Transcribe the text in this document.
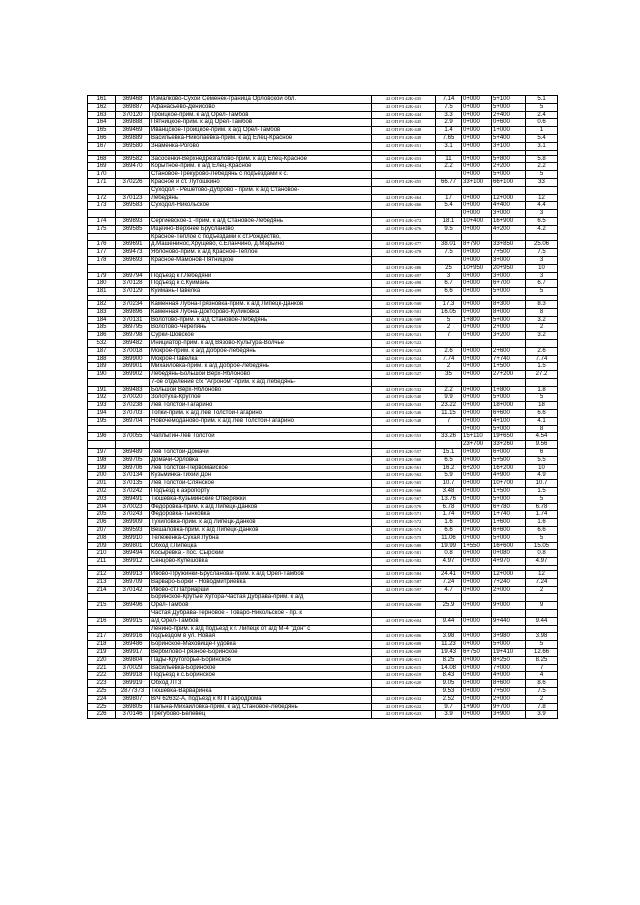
161	369468	Измалково-Сухой Семенек-граница Орловской обл.	42 ОП РЗ 42К-435	7.14	0+000	5+100	5.1
162	369887	Афанасьево-Денисово	42 ОП РЗ 42К-441	7.5	0+000	5+000	5
163	370120	Троицкое-прим. к а/д Орел-Тамбов	42 ОП РЗ 42К-444	3.3	0+000	2+400	2.4
164	369888	Пятницкое-прим. к а/д Орел-Тамбов	42 ОП РЗ 42К-445	2.9	0+000	0+600	0.6
165	369469	Иванцское-Троицкое-прим. к а/д Орел-Тамбов	42 ОП РЗ 42К-448	1.4	0+000	1+000	1
166	369889	Васильевка-Николаевка-прим. к а/д Елец-Красное	42 ОП РЗ 42К-449	7.65	0+000	5+400	5.4
167	369580	Знаменка-Рогово	42 ОП РЗ 42К-451	3.1	0+000	3+100	3.1

168	369582	Засосенки-Верхнедрезгалово-прим. к а/д Елец-Красное	42 ОП РЗ 42К-453	11	0+000	5+800	5.8
169	369470	Корытное-прим. к а/д Елец-Красное	42 ОП РЗ 42К-454	2.2	0+000	2+200	2.2
170		Становое-Трекурово-Лебедянь с подъездами к с.			0+000	5+000	5
171	370226	Красное и ст. Лутошкино	42 ОП РЗ 42К-455	66.77	33+100	66+100	33
		Суходол - Решетово-Дуброво - прим. к а/д Становое-					
172	370123	Лебедянь	42 ОП РЗ 42К-464	17	0+000	12+000	12
173	369583	Суходол-Никольское	42 ОП РЗ 42К-466	5.4	0+000	4+400	4.4
					0+000	3+000	3
174	369893	Сергиевское-1 -прим. к а/д Становое-Лебедянь	42 ОП РЗ 42К-472	18.1	10+400	16+900	6.5
175	369585	Ищеино-Верхнее Брусланово	42 ОП РЗ 42К-476	9.5	0+000	4+200	4.2
		Красное-Теплое с подъездами к ст.Рождество,					
176	369691	д.Машенинос,Хрущево, с.Еланчино, д.Марьино	42 ОП РЗ 42К-477	38.01	8+790	33+850	25.06
177	369473	Яблоново-прим. к а/д Красное-Теплое	42 ОП РЗ 42К-478	7.5	0+000	7+500	7.5
178	369693	Красное-Мамонов-Пятницкое			0+000	3+000	3
			42 ОП РЗ 42К-486	25	10+950	20+950	10
179	369794	Подъезд к г.Лебедяни	42 ОП РЗ 42К-497	3	0+000	3+000	3
180	370128	Подъезд к с.Куймань	42 ОП РЗ 42К-498	6.7	0+000	6+700	6.7
181	370129	Куймань-Павелка	42 ОП РЗ 42К-499	6.6	0+000	5+000	5

182	370234	Каменная Лубна-Грязновка-прим. к а/д Липецк-Данков	42 ОП РЗ 42К-500	17.3	0+000	8+300	8.3
183	369896	Каменная Лубна-Докторово-Куликовка	42 ОП РЗ 42К-501	16.05	0+000	8+000	8
184	370131	Волотово-прим. к а/д Становое-Лебедянь	42 ОП РЗ 42К-509	5	1+800	5+000	3.2
185	369795	Волотово-Черепянь	42 ОП РЗ 42К-510	2	0+000	2+000	2
186	369798	Сурки-Шовское	42 ОП РЗ 42К-521	7	0+000	3+200	3.2
532	369482	Инициатор-прим. к а/д Вязово-Культура-Волчье	42 ОП РЗ 42К-522				
187	370018	Мокрое-прим. к а/д Доброе-Лебедянь	42 ОП РЗ 42К-523	2.6	0+000	2+600	2.6
188	369900	Мокрое-Павелка	42 ОП РЗ 42К-524	7.74	0+000	7+740	7.74
189	369901	Михайловка-прим. к а/д Доброе-Лебедянь	42 ОП РЗ 42К-525	2	0+000	1+500	1.5
190	369902	Лебедянь-Большой Верх-Яблоново	42 ОП РЗ 42К-527	35	0+000	27+200	27.2
		7-ое отделение с/х "Агроном"-прим. к а/д Лебедянь-					
191	369483	Большой Верх-Яблоново	42 ОП РЗ 42К-532	2.2	0+000	1+800	1.8
192	370020	Золотуха-Круглое	42 ОП РЗ 42К-540	9.9	0+000	5+000	5
193	370238	Лев Толстой-Гагарино	42 ОП РЗ 42К-543	23.22	0+000	18+000	18
194	370703	Топки-прим. к а/д Лев Толстой-Гагарино	42 ОП РЗ 42К-546	11.15	0+000	6+600	6.6
195	369704	Новочемоданово-прим. к а/д Лев Толстой-Гагарино	42 ОП РЗ 42К-548	7	0+000	4+100	4.1
					0+000	5+000	8
196	370055	Чаплыгин-Лев Толстой	42 ОП РЗ 42К-553	33.26	15+110	19+650	4.54
					23+700	33+260	9.56
197	369489	Лев Толстой-Домачи	42 ОП РЗ 42К-557	15.1	0+000	6+000	6
198	369705	Домачи-Орловка	42 ОП РЗ 42К-560	6.5	0+000	5+500	5.5
199	369706	Лев Толстой-Первомайское	42 ОП РЗ 42К-561	16.2	6+200	16+200	10
200	370134	Кузьминка-Тихий Дон	42 ОП РЗ 42К-562	5.9	0+000	4+900	4.9
201	370135	Лев Толстой-Слянское	42 ОП РЗ 42К-565	10.7	0+000	10+700	10.7
202	370242	Подъезд к аэропорту	42 ОП РЗ 42К-566	3.48	0+000	1+500	1.5
203	369491	Тюшевка-Кузьминские Отверяжки	42 ОП РЗ 42К-567	13.76	0+000	5+000	5
204	370023	Федоровка-прим. к а/д Липецк-Данков	42 ОП РЗ 42К-570	6.78	0+000	6+780	6.78
205	370243	Федоровка-Тынковка	42 ОП РЗ 42К-571	1.74	0+000	1+740	1.74
206	369909	Тухиловка-прим. к а/д Липецк-Данков	42 ОП РЗ 42К-572	1.6	0+000	1+600	1.6
207	369593	Вешаловка-прим. к а/д Липецк-Данков	42 ОП РЗ 42К-574	6.6	0+000	6+600	6.6
208	369910	Тележенка-Сухая Лубна	42 ОП РЗ 42К-575	11.06	0+000	5+000	5
209	369801	Обход г.Липецка	42 ОП РЗ 42К-580	19.99	1+550	16+600	15.05
210	369494	Косыревка - пос. Сырский	42 ОП РЗ 42К-581	0.8	0+000	0+080	0.8
211	369912	Сенцово-Кулешовка	42 ОП РЗ 42К-582	4.97	0+000	4+970	4.97

212	369913	Ивово-Пружинки-Брусланова-прим. к а/д Орел-Тамбов	42 ОП РЗ 42К-584	24.41	0+000	12+000	12
213	369709	Варваро-Борки - Новодмитриевка	42 ОП РЗ 42К-587	7.24	0+000	7+240	7.24
214	370142	Ивово-ст.Патриарши	42 ОП РЗ 42К-597	4.7	0+000	2+000	2
		Боринское-Крутые Хутора-Частая Дубрава-прим. к а/д					
215	369496	Орел-Тамбов	42 ОП РЗ 42К-600	25.9	0+000	9+000	9
		Частая Дубрава-Терновое - Товаро-Никольское - пр. к					
216	369915	а/д Орел-Тамбов	42 ОП РЗ 42К-604	9.44	0+000	9+440	9.44
		Ленино-прим. к а/д подъезд к г. Липецк от а/д М-4 "Дон" с					
217	369916	подъездом в ул. Новая	42 ОП РЗ 42К-606	3.98	0+000	3+980	3.98
218	369486	Боринское-Маховище-Гудовка	42 ОП РЗ 42К-608	11.23	0+000	5+000	5
219	369917	Вербилово-Грязное-Боринское	42 ОП РЗ 42К-609	19.43	6+750	19+410	12.66
220	369804	Пады-Крутогорье-Боринское	42 ОП РЗ 42К-611	8.25	0+000	8+250	8.25
221	370029	Васильевка-Боринское	42 ОП РЗ 42К-615	14.08	0+000	7+000	7
222	369918	Подъезд к с.Боринское	42 ОП РЗ 42К-619	8.43	0+000	4+000	4
223	369919	Обход ЛТЗ	42 ОП РЗ 42К-620	9.05	0+000	8+600	8.6
225	2877373	Тюшевка-Варваринка		9.53	0+000	7+500	7.5
224	369807	В/Ч 62632-А, подъезд к КПП аэродрома	42 ОП РЗ 42К-632	2.52	0+000	2+000	2
225	369805	Пальна-Михайловка-прим. к а/д Становое-Лебедянь	42 ОП РЗ 42К-622	9.7	1+900	9+700	7.8
226	370146	Трегубово-Белевец	42 ОП РЗ 42К-623	3.9	0+000	3+900	3.9
